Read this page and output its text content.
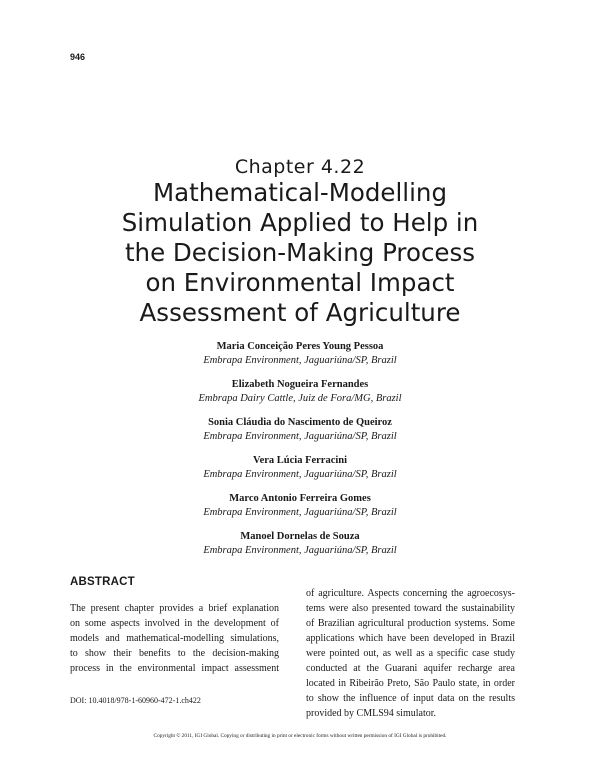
946
Chapter 4.22
Mathematical-Modelling
Simulation Applied to Help in
the Decision-Making Process
on Environmental Impact
Assessment of Agriculture
Maria Conceição Peres Young Pessoa
Embrapa Environment, Jaguariúna/SP, Brazil
Elizabeth Nogueira Fernandes
Embrapa Dairy Cattle, Juiz de Fora/MG, Brazil
Sonia Cláudia do Nascimento de Queiroz
Embrapa Environment, Jaguariúna/SP, Brazil
Vera Lúcia Ferracini
Embrapa Environment, Jaguariúna/SP, Brazil
Marco Antonio Ferreira Gomes
Embrapa Environment, Jaguariúna/SP, Brazil
Manoel Dornelas de Souza
Embrapa Environment, Jaguariúna/SP, Brazil
ABSTRACT
The present chapter provides a brief explanation
on some aspects involved in the development of
models and mathematical-modelling simulations,
to show their benefits to the decision-making
process in the environmental impact assessment
of agriculture. Aspects concerning the agroecosys-
tems were also presented toward the sustainability
of Brazilian agricultural production systems. Some
applications which have been developed in Brazil
were pointed out, as well as a specific case study
conducted at the Guarani aquifer recharge area
located in Ribeirão Preto, São Paulo state, in order
to show the influence of input data on the results
provided by CMLS94 simulator.
DOI: 10.4018/978-1-60960-472-1.ch422
Copyright © 2011, IGI Global. Copying or distributing in print or electronic forms without written permission of IGI Global is prohibited.
